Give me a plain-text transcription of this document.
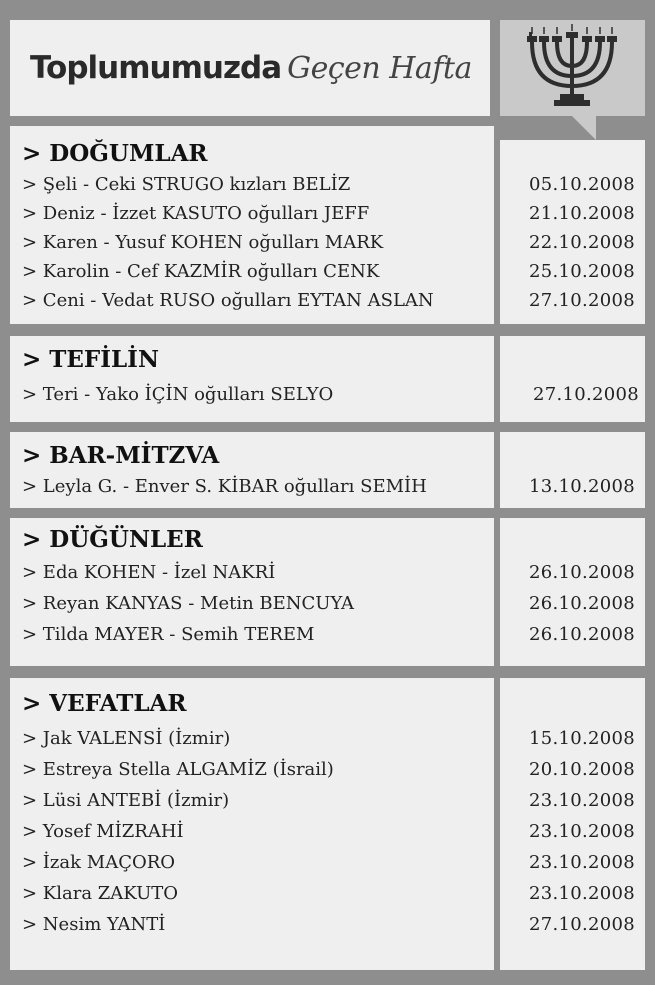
Toplumumuzda Geçen Hafta
> DOĞUMLAR
> Şeli - Ceki STRUGO kızları BELİZ
> Deniz - İzzet KASUTO oğulları JEFF
> Karen - Yusuf KOHEN oğulları MARK
> Karolin - Cef KAZMİR oğulları CENK
> Ceni - Vedat RUSO oğulları EYTAN ASLAN
05.10.2008
21.10.2008
22.10.2008
25.10.2008
27.10.2008
> TEFİLİN
> Teri - Yako İÇİN oğulları SELYO	27.10.2008
> BAR-MİTZVA
> Leyla G. - Enver S. KİBAR oğulları SEMİH	13.10.2008
> DÜĞÜNLER
> Eda KOHEN - İzel NAKRİ
> Reyan KANYAS - Metin BENCUYA
> Tilda MAYER - Semih TEREM
26.10.2008
26.10.2008
26.10.2008
> VEFATLAR
> Jak VALENSİ (İzmir)
> Estreya Stella ALGAMİZ (İsrail)
> Lüsi ANTEBİ (İzmir)
> Yosef MİZRAHİ
> İzak MAÇORO
> Klara ZAKUTO
> Nesim YANTİ
15.10.2008
20.10.2008
23.10.2008
23.10.2008
23.10.2008
23.10.2008
27.10.2008
